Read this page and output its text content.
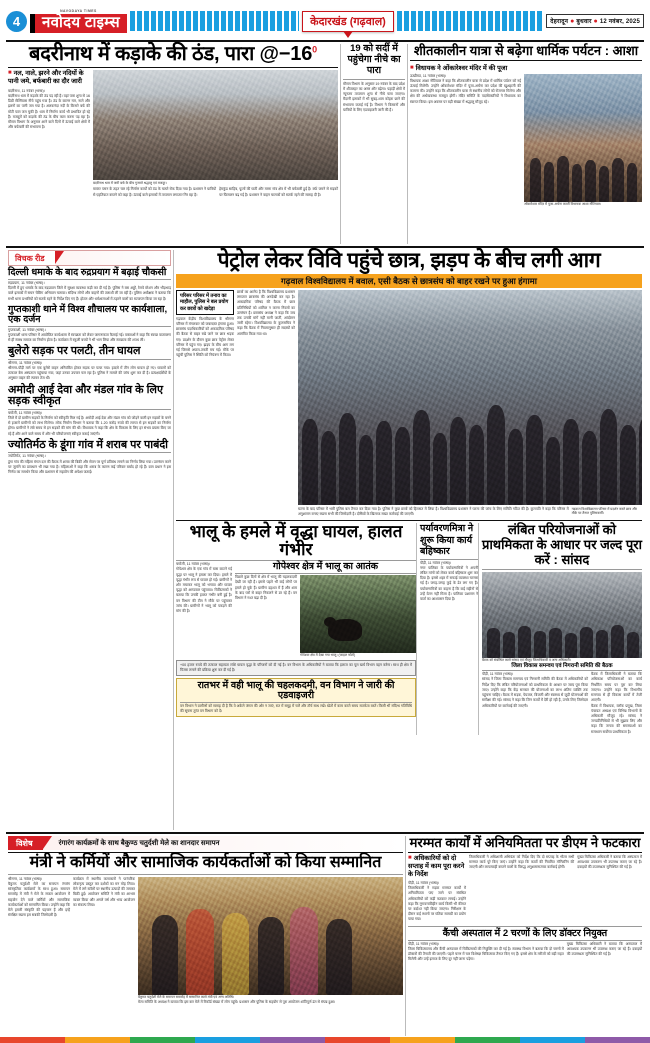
4
NAVODAYA TIMES
नवोदय टाइम्स	केदारखंड (गढ़वाल)	देहरादून ● बुधवार ● 12 नवंबर, 2025
बदरीनाथ में कड़ाके की ठंड, पारा $@-16^0$
■ नल, नाले, झरने और नदियों के पानी जमे, बर्फबारी का दौर जारी
बदरीनाथ, 11 नवंबर (भाषा)।
बदरीनाथ धाम में कड़ाके की ठंड पड़ रही है। यहां पारा शून्य से 16 डिग्री सेल्सियस नीचे पहुंच गया है। ठंड के कारण नल, नाले और झरनों का पानी जम गया है। अलकनंदा नदी के किनारे बर्फ की मोटी परत जम चुकी है। धाम में निर्माण कार्य भी प्रभावित हो रहे हैं। मजदूरों को कड़ाके की ठंड के बीच काम करना पड़ रहा है। मौसम विभाग के अनुसार आने वाले दिनों में ऊंचाई वाले क्षेत्रों में और बर्फबारी की संभावना है।
बदरीनाथ धाम में जमी बर्फ के बीच गुजरते श्रद्धालु एवं मजदूर।
मास्टर प्लान के तहत चल रहे निर्माण कार्यों को ठंड के चलते रोक दिया गया है। प्रशासन ने यात्रियों से एहतियात बरतने को कहा है। ऊंचाई वाले इलाकों में तापमान लगातार गिर रहा है।
हेमकुंड साहिब, फूलों की घाटी और माणा गांव क्षेत्र में भी बर्फबारी हुई है। बर्फ जमने से सड़कों पर फिसलन बढ़ गई है। प्रशासन ने वाहन चालकों को सतर्क रहने की सलाह दी है।
19 को सर्दी में पहुंचेगा नीचे का पारा
मौसम विभाग के अनुसार 19 नवंबर के बाद प्रदेश में शीतलहर का असर और बढ़ेगा। पहाड़ी क्षेत्रों में न्यूनतम तापमान शून्य से नीचे चला जाएगा। मैदानी इलाकों में भी सुबह-शाम कोहरा छाने की संभावना जताई गई है। विभाग ने किसानों और यात्रियों के लिए एडवाइजरी जारी की है।
शीतकालीन यात्रा से बढ़ेगा धार्मिक पर्यटन : आशा
■ विधायक ने ओंकारेश्वर मंदिर में की पूजा
ऊखीमठ, 11 नवंबर (भाषा)।
विधायक आशा नौटियाल ने कहा कि शीतकालीन यात्रा से प्रदेश में धार्मिक पर्यटन को नई ऊंचाई मिलेगी। उन्होंने ओंकारेश्वर मंदिर में पूजा-अर्चना कर प्रदेश की खुशहाली की कामना की। उन्होंने कहा कि शीतकालीन यात्रा से स्थानीय लोगों को रोजगार मिलेगा और क्षेत्र की अर्थव्यवस्था मजबूत होगी। मंदिर समिति के पदाधिकारियों ने विधायक का स्वागत किया। इस अवसर पर बड़ी संख्या में श्रद्धालु मौजूद रहे।
ओंकारेश्वर मंदिर में पूजा-अर्चना करतीं विधायक आशा नौटियाल।
विचक रीड
दिल्ली धमाके के बाद रुद्रप्रयाग में बढ़ाई चौकसी
रुद्रप्रयाग, 11 नवंबर (भाषा)।
दिल्ली में हुए धमाके के बाद रुद्रप्रयाग जिले में सुरक्षा व्यवस्था कड़ी कर दी गई है। पुलिस ने बस अड्डों, रेलवे स्टेशन और भीड़भाड़ वाले इलाकों में सघन चेकिंग अभियान चलाया। संदिग्ध लोगों और वाहनों की तलाशी ली जा रही है। पुलिस अधीक्षक ने बताया कि सभी थाना प्रभारियों को सतर्क रहने के निर्देश दिए गए हैं। होटल और धर्मशालाओं में ठहरने वालों का सत्यापन किया जा रहा है।
गुप्तकाशी थाने में विश्व शौचालय पर कार्यशाला, एक दर्जन
गुप्तकाशी, 11 नवंबर (भाषा)।
गुप्तकाशी थाना परिसर में आयोजित कार्यशाला में स्वच्छता को लेकर जागरूकता फैलाई गई। वक्ताओं ने कहा कि स्वच्छ वातावरण से ही स्वस्थ समाज का निर्माण होता है। कार्यक्रम में स्कूली बच्चों ने भी भाग लिया और स्वच्छता की शपथ ली।
बुलेरो सड़क पर पलटी, तीन घायल
श्रीनगर, 11 नवंबर (भाषा)।
श्रीनगर-पौड़ी मार्ग पर एक बुलेरो वाहन अनियंत्रित होकर सड़क पर पलट गया। हादसे में तीन लोग घायल हो गए। घायलों को तत्काल बेस अस्पताल पहुंचाया गया, जहां उनका उपचार चल रहा है। पुलिस ने मामले की जांच शुरू कर दी है। प्रत्यक्षदर्शियों के अनुसार वाहन की रफ्तार तेज थी।
अमोदी आई देवा और मंडल गांव के लिए सड़क स्वीकृत
चमोली, 11 नवंबर (भाषा)।
जिले में दो ग्रामीण सड़कों के निर्माण को स्वीकृति मिल गई है। अमोदी आई देवा और मंडल गांव को जोड़ने वाली इन सड़कों के बनने से हजारों ग्रामीणों को लाभ मिलेगा। लोक निर्माण विभाग ने बताया कि 1.20 करोड़ रुपये की लागत से इन सड़कों का निर्माण होगा। ग्रामीणों ने लंबे समय से इन सड़कों की मांग की थी। विधायक ने कहा कि क्षेत्र के विकास के लिए हर संभव प्रयास किए जा रहे हैं और आने वाले समय में और भी परियोजनाएं स्वीकृत कराई जाएंगी।
ज्योतिर्मठ के डूंगा गांव में शराब पर पाबंदी
ज्योतिर्मठ, 11 नवंबर (भाषा)।
डूंगा गांव की महिला मंगल दल की बैठक में शराब की बिक्री और सेवन पर पूर्ण प्रतिबंध लगाने का निर्णय लिया गया। उल्लंघन करने पर जुर्माने का प्रावधान भी रखा गया है। महिलाओं ने कहा कि शराब के कारण कई परिवार बर्बाद हो रहे हैं। ग्राम प्रधान ने इस निर्णय का समर्थन किया और प्रशासन से सहयोग की अपेक्षा जताई।
पेट्रोल लेकर विवि पहुंचे छात्र, झड़प के बीच लगी आग
गढ़वाल विश्वविद्यालय में बवाल, एसी बैठक से छात्रसंघ को बाहर रखने पर हुआ हंगामा
परिसर परिसर में तनाव का माहौल, पुलिस ने बल प्रयोग कर छात्रों को खदेड़ा
गढ़वाल केंद्रीय विश्वविद्यालय के श्रीनगर परिसर में मंगलवार को जबरदस्त हंगामा हुआ। छात्रसंघ पदाधिकारियों को अकादमिक परिषद की बैठक से बाहर रखे जाने पर छात्र भड़क गए। प्रदर्शन के दौरान कुछ छात्र पेट्रोल लेकर परिसर में पहुंच गए। झड़प के बीच आग लग गई जिससे अफरा-तफरी मच गई। मौके पर पहुंची पुलिस ने स्थिति को नियंत्रण में किया।
छात्रों का आरोप है कि विश्वविद्यालय प्रशासन लगातार छात्रसंघ की अनदेखी कर रहा है। अकादमिक परिषद की बैठक में छात्र प्रतिनिधियों को शामिल न करना नियमों का उल्लंघन है। छात्रसंघ अध्यक्ष ने कहा कि जब तक उनकी मांगें नहीं मानी जातीं, आंदोलन जारी रहेगा। विश्वविद्यालय के कुलसचिव ने कहा कि बैठक में नियमानुसार ही सदस्यों को आमंत्रित किया गया था।
घटना के बाद परिसर में भारी पुलिस बल तैनात कर दिया गया है। पुलिस ने कुछ छात्रों को हिरासत में लिया है। विश्वविद्यालय प्रशासन ने घटना की जांच के लिए समिति गठित की है। कुलपति ने कहा कि परिसर में अनुशासन बनाए रखना सभी की जिम्मेदारी है। दोषियों के खिलाफ सख्त कार्रवाई की जाएगी।
गढ़वाल विश्वविद्यालय परिसर में प्रदर्शन करते छात्र और मौके पर तैनात पुलिसकर्मी।
भालू के हमले में वृद्धा घायल, हालत गंभीर
चमोली, 11 नवंबर (भाषा)।
गोपेश्वर क्षेत्र के एक गांव में घास काटने गई वृद्धा पर भालू ने हमला कर दिया। हमले में वृद्धा गंभीर रूप से घायल हो गई। ग्रामीणों ने शोर मचाकर भालू को भगाया और घायल वृद्धा को अस्पताल पहुंचाया। चिकित्सकों ने बताया कि उनकी हालत गंभीर बनी हुई है। वन विभाग की टीम ने मौके पर पहुंचकर जांच की। ग्रामीणों ने भालू को पकड़ने की मांग की है।
गोपेश्वर क्षेत्र में भालू का आतंक
पिछले कुछ दिनों से क्षेत्र में भालू की चहलकदमी देखी जा रही है। इससे पहले भी कई लोगों पर हमले हो चुके हैं। ग्रामीण दहशत में हैं और शाम के बाद घरों से बाहर निकलने से डर रहे हैं। वन विभाग ने गश्त बढ़ा दी है।
गोपेश्वर क्षेत्र में देखा गया भालू। (फाइल फोटो)
+00 हजार रुपये की तत्काल सहायता राशि घायल वृद्धा के परिजनों को दी गई है। वन विभाग के अधिकारियों ने बताया कि इलाज का पूरा खर्च विभाग वहन करेगा। साथ ही क्षेत्र में पिंजरा लगाने की प्रक्रिया शुरू कर दी गई है।
रातभर में वही भालू की चहलकदमी, वन विभाग ने जारी की एडवाइजरी
वन विभाग ने ग्रामीणों को सलाह दी है कि वे अकेले जंगल की ओर न जाएं, रात में समूह में चलें और टॉर्च साथ रखें। खेतों में काम करते समय सतर्कता बरतें। किसी भी संदिग्ध गतिविधि की सूचना तुरंत वन विभाग को दें।
पर्यावरणमित्रा ने शुरू किया कार्य बहिष्कार
पौड़ी, 11 नवंबर (भाषा)।
नगर पालिका के पर्यावरणमित्रों ने अपनी लंबित मांगों को लेकर कार्य बहिष्कार शुरू कर दिया है। इससे शहर में सफाई व्यवस्था चरमरा गई है। जगह-जगह कूड़े के ढेर लग गए हैं। पर्यावरणमित्रों का कहना है कि कई महीनों से उन्हें वेतन नहीं मिला है। पालिका प्रशासन ने वार्ता का आश्वासन दिया है।
लंबित परियोजनाओं को प्राथमिकता के आधार पर जल्द पूरा करें : सांसद
बैठक को संबोधित करते सांसद एवं मौजूद जिलाधिकारी व अन्य अधिकारी।
जिला विकास समन्वय एवं निगरानी समिति की बैठक
पौड़ी, 11 नवंबर (भाषा)।
सांसद ने जिला विकास समन्वय एवं निगरानी समिति की बैठक में अधिकारियों को निर्देश दिए कि लंबित परियोजनाओं को प्राथमिकता के आधार पर जल्द पूरा किया जाए। उन्होंने कहा कि केंद्र सरकार की योजनाओं का लाभ अंतिम व्यक्ति तक पहुंचना चाहिए। बैठक में सड़क, पेयजल, बिजली और स्वास्थ्य से जुड़ी योजनाओं की समीक्षा की गई। सांसद ने कहा कि जिन कार्यों में देरी हो रही है, उनके लिए जिम्मेदार अधिकारियों पर कार्रवाई की जाएगी।
बैठक में जिलाधिकारी ने बताया कि अधिकांश परियोजनाओं का कार्य निर्धारित समय पर पूरा कर लिया जाएगा। उन्होंने कहा कि विभागीय समन्वय से ही विकास कार्यों में तेजी आएगी।
बैठक में विधायक, ब्लॉक प्रमुख, जिला पंचायत अध्यक्ष एवं विभिन्न विभागों के अधिकारी मौजूद रहे। सांसद ने जनप्रतिनिधियों से भी सुझाव लिए और कहा कि जनता की समस्याओं का समाधान सर्वोच्च प्राथमिकता है।
विशेष	रंगारंग कार्यक्रमों के साथ बैकुण्ठ चतुर्दशी मेले का शानदार समापन
मंत्री ने कर्मियों और सामाजिक कार्यकर्ताओं को किया सम्मानित
श्रीनगर, 11 नवंबर (भाषा)।
बैकुण्ठ चतुर्दशी मेले का समापन रंगारंग सांस्कृतिक कार्यक्रमों के साथ हुआ। समापन समारोह में मंत्री ने मेले के सफल आयोजन में सहयोग देने वाले कर्मियों और सामाजिक कार्यकर्ताओं को सम्मानित किया। उन्होंने कहा कि मेले हमारी संस्कृति की पहचान हैं और इन्हें संरक्षित रखना हम सबकी जिम्मेदारी है।
कार्यक्रम में स्थानीय कलाकारों ने पारंपरिक लोकनृत्य प्रस्तुत कर दर्शकों का मन मोह लिया। मेले में लगे स्टॉलों पर स्थानीय उत्पादों की जमकर बिक्री हुई। आयोजन समिति ने मंत्री का आभार व्यक्त किया और अगले वर्ष और भव्य आयोजन का संकल्प लिया।
बैकुण्ठ चतुर्दशी मेले के समापन समारोह में सम्मानित करते मंत्री एवं अन्य अतिथि।
मेला समिति के अध्यक्ष ने बताया कि इस बार मेले में रिकॉर्ड संख्या में लोग पहुंचे। प्रशासन और पुलिस के सहयोग से पूरा आयोजन शांतिपूर्ण ढंग से संपन्न हुआ।
मरम्मत कार्यों में अनियमितता पर डीएम ने फटकारा
■ अधिकारियों को दो सप्ताह में काम पूरा करने के निर्देश
पौड़ी, 11 नवंबर (भाषा)।
जिलाधिकारी ने सड़क मरम्मत कार्यों में अनियमितता पाए जाने पर संबंधित अधिकारियों को कड़ी फटकार लगाई। उन्होंने कहा कि गुणवत्ताविहीन कार्य किसी भी कीमत पर बर्दाश्त नहीं किया जाएगा। निरीक्षण के दौरान कई स्थानों पर घटिया सामग्री का प्रयोग पाया गया।
जिलाधिकारी ने अधिशासी अभियंता को निर्देश दिए कि दो सप्ताह के भीतर सभी मरम्मत कार्य पूरे किए जाएं। उन्होंने कहा कि कार्यों की नियमित मॉनिटरिंग की जाएगी और लापरवाही बरतने वालों के विरुद्ध अनुशासनात्मक कार्रवाई होगी।
मुख्य चिकित्सा अधिकारी ने बताया कि अस्पताल में आवश्यक उपकरण भी उपलब्ध कराए जा रहे हैं। दवाइयों की उपलब्धता सुनिश्चित की गई है।
कैंची अस्पताल में 2 चरणों के लिए डॉक्टर नियुक्त
पौड़ी, 11 नवंबर (भाषा)।
जिला चिकित्सालय और कैंची अस्पताल में चिकित्सकों की नियुक्ति कर दी गई है। स्वास्थ्य विभाग ने बताया कि दो चरणों में डॉक्टरों की तैनाती की जाएगी। पहले चरण में चार विशेषज्ञ चिकित्सक तैनात किए गए हैं। इससे क्षेत्र के मरीजों को बड़ी राहत मिलेगी और उन्हें इलाज के लिए दूर नहीं जाना पड़ेगा।
मुख्य चिकित्सा अधिकारी ने बताया कि अस्पताल में आवश्यक उपकरण भी उपलब्ध कराए जा रहे हैं। दवाइयों की उपलब्धता सुनिश्चित की गई है।
